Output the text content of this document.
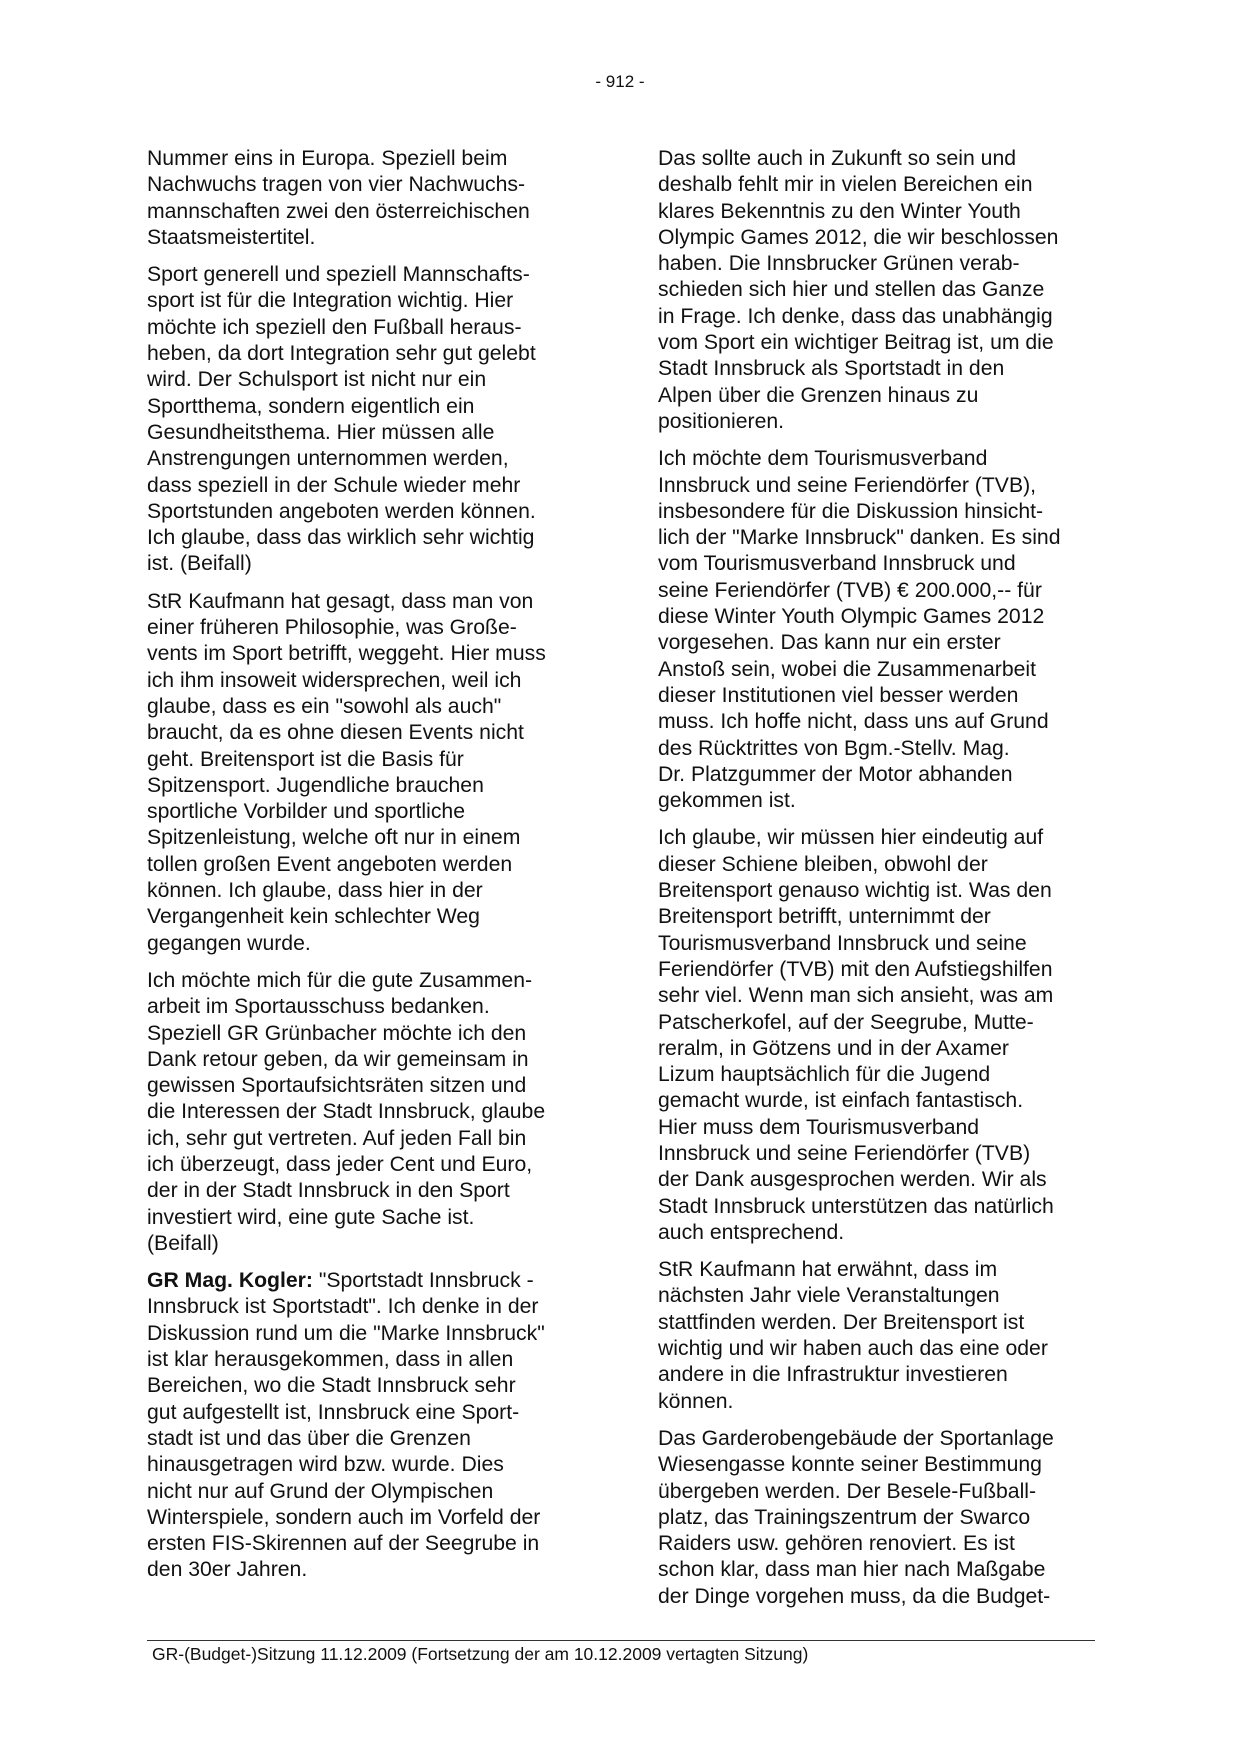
- 912 -

Nummer eins in Europa. Speziell beim
Nachwuchs tragen von vier Nachwuchs-
mannschaften zwei den österreichischen
Staatsmeistertitel.

Sport generell und speziell Mannschafts-
sport ist für die Integration wichtig. Hier
möchte ich speziell den Fußball heraus-
heben, da dort Integration sehr gut gelebt
wird. Der Schulsport ist nicht nur ein
Sportthema, sondern eigentlich ein
Gesundheitsthema. Hier müssen alle
Anstrengungen unternommen werden,
dass speziell in der Schule wieder mehr
Sportstunden angeboten werden können.
Ich glaube, dass das wirklich sehr wichtig
ist. (Beifall)

StR Kaufmann hat gesagt, dass man von
einer früheren Philosophie, was Große-
vents im Sport betrifft, weggeht. Hier muss
ich ihm insoweit widersprechen, weil ich
glaube, dass es ein "sowohl als auch"
braucht, da es ohne diesen Events nicht
geht. Breitensport ist die Basis für
Spitzensport. Jugendliche brauchen
sportliche Vorbilder und sportliche
Spitzenleistung, welche oft nur in einem
tollen großen Event angeboten werden
können. Ich glaube, dass hier in der
Vergangenheit kein schlechter Weg
gegangen wurde.

Ich möchte mich für die gute Zusammen-
arbeit im Sportausschuss bedanken.
Speziell GR Grünbacher möchte ich den
Dank retour geben, da wir gemeinsam in
gewissen Sportaufsichtsräten sitzen und
die Interessen der Stadt Innsbruck, glaube
ich, sehr gut vertreten. Auf jeden Fall bin
ich überzeugt, dass jeder Cent und Euro,
der in der Stadt Innsbruck in den Sport
investiert wird, eine gute Sache ist.
(Beifall)

GR Mag. Kogler: "Sportstadt Innsbruck -
Innsbruck ist Sportstadt". Ich denke in der
Diskussion rund um die "Marke Innsbruck"
ist klar herausgekommen, dass in allen
Bereichen, wo die Stadt Innsbruck sehr
gut aufgestellt ist, Innsbruck eine Sport-
stadt ist und das über die Grenzen
hinausgetragen wird bzw. wurde. Dies
nicht nur auf Grund der Olympischen
Winterspiele, sondern auch im Vorfeld der
ersten FIS-Skirennen auf der Seegrube in
den 30er Jahren.

Das sollte auch in Zukunft so sein und
deshalb fehlt mir in vielen Bereichen ein
klares Bekenntnis zu den Winter Youth
Olympic Games 2012, die wir beschlossen
haben. Die Innsbrucker Grünen verab-
schieden sich hier und stellen das Ganze
in Frage. Ich denke, dass das unabhängig
vom Sport ein wichtiger Beitrag ist, um die
Stadt Innsbruck als Sportstadt in den
Alpen über die Grenzen hinaus zu
positionieren.

Ich möchte dem Tourismusverband
Innsbruck und seine Feriendörfer (TVB),
insbesondere für die Diskussion hinsicht-
lich der "Marke Innsbruck" danken. Es sind
vom Tourismusverband Innsbruck und
seine Feriendörfer (TVB) € 200.000,-- für
diese Winter Youth Olympic Games 2012
vorgesehen. Das kann nur ein erster
Anstoß sein, wobei die Zusammenarbeit
dieser Institutionen viel besser werden
muss. Ich hoffe nicht, dass uns auf Grund
des Rücktrittes von Bgm.-Stellv. Mag.
Dr. Platzgummer der Motor abhanden
gekommen ist.

Ich glaube, wir müssen hier eindeutig auf
dieser Schiene bleiben, obwohl der
Breitensport genauso wichtig ist. Was den
Breitensport betrifft, unternimmt der
Tourismusverband Innsbruck und seine
Feriendörfer (TVB) mit den Aufstiegshilfen
sehr viel. Wenn man sich ansieht, was am
Patscherkofel, auf der Seegrube, Mutte-
reralm, in Götzens und in der Axamer
Lizum hauptsächlich für die Jugend
gemacht wurde, ist einfach fantastisch.
Hier muss dem Tourismusverband
Innsbruck und seine Feriendörfer (TVB)
der Dank ausgesprochen werden. Wir als
Stadt Innsbruck unterstützen das natürlich
auch entsprechend.

StR Kaufmann hat erwähnt, dass im
nächsten Jahr viele Veranstaltungen
stattfinden werden. Der Breitensport ist
wichtig und wir haben auch das eine oder
andere in die Infrastruktur investieren
können.

Das Garderobengebäude der Sportanlage
Wiesengasse konnte seiner Bestimmung
übergeben werden. Der Besele-Fußball-
platz, das Trainingszentrum der Swarco
Raiders usw. gehören renoviert. Es ist
schon klar, dass man hier nach Maßgabe
der Dinge vorgehen muss, da die Budget-

GR-(Budget-)Sitzung 11.12.2009 (Fortsetzung der am 10.12.2009 vertagten Sitzung)
